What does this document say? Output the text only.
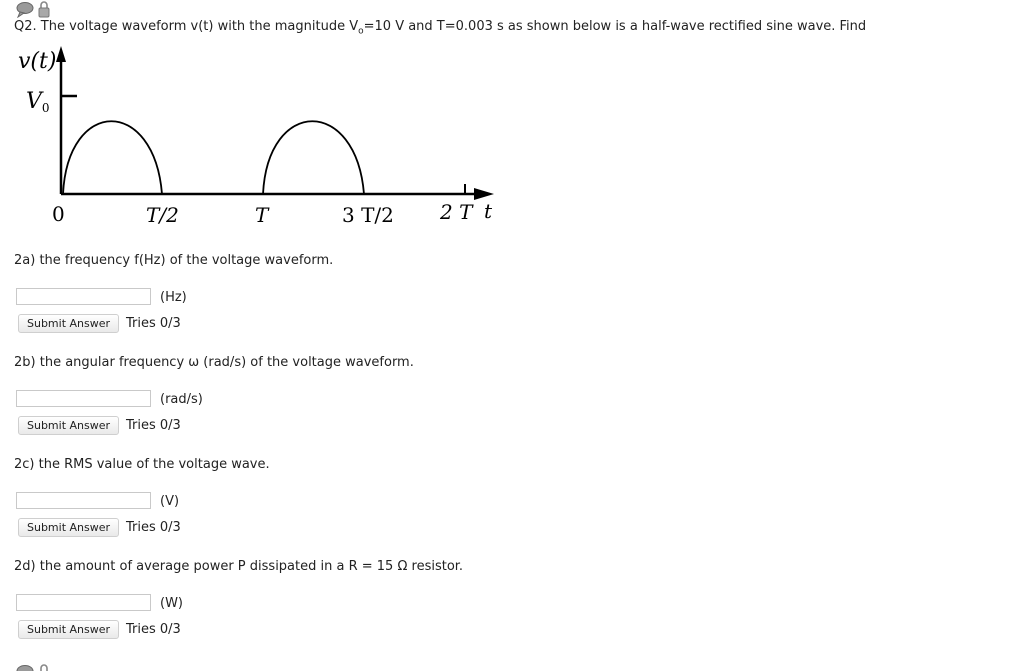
Q2. The voltage waveform v(t) with the magnitude $V_o=10$ V and T=0.003 s as shown below is a half-wave rectified sine wave. Find
v(t)
V0
0	T/2	T	3 T/2 2 T t
2a) the frequency f(Hz) of the voltage waveform.
(Hz)
Submit Answer	Tries 0/3
2b) the angular frequency ω (rad/s) of the voltage waveform.
(rad/s)
Submit Answer	Tries 0/3
2c) the RMS value of the voltage wave.
(V)
Submit Answer	Tries 0/3
2d) the amount of average power P dissipated in a R = 15 Ω resistor.
(W)
Submit Answer	Tries 0/3
